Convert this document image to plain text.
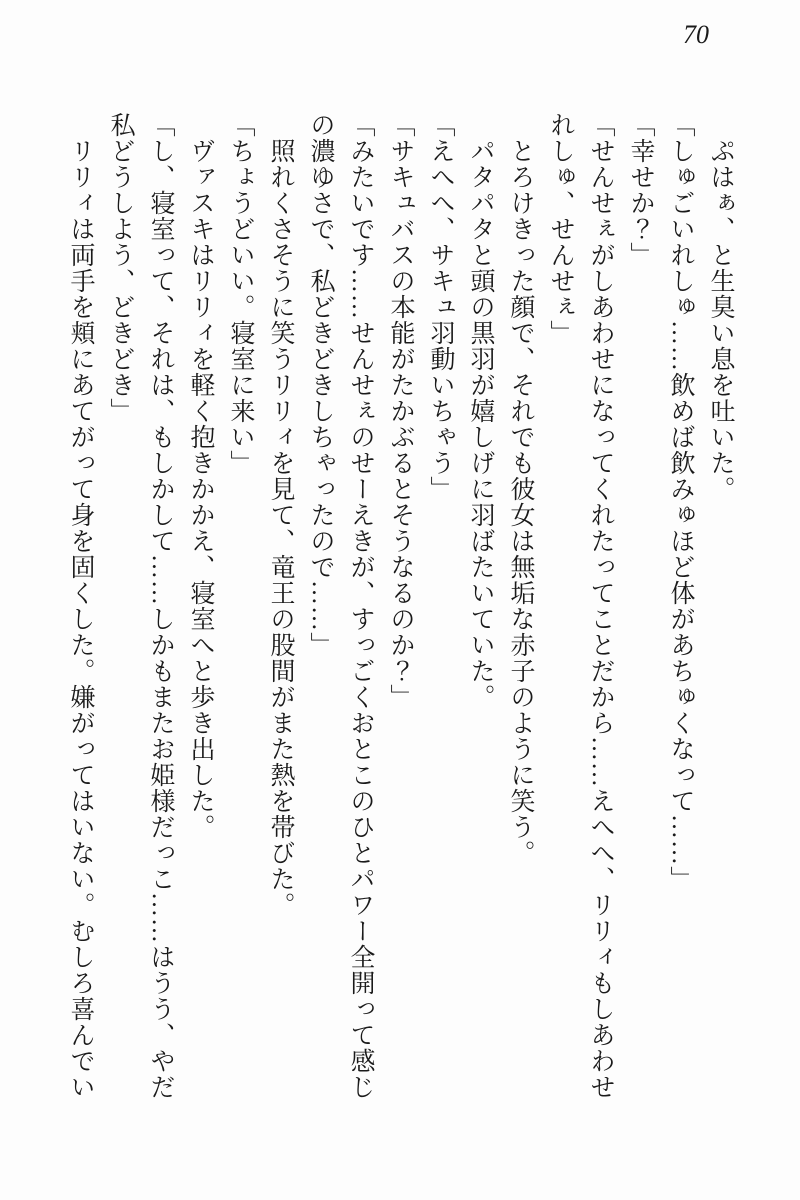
70

　ぷはぁ、と生臭い息を吐いた。

「しゅごいれしゅ……飲めば飲みゅほど体があちゅくなって……」

「幸せか？」

「せんせぇがしあわせになってくれたってことだから……えへへ、リリィもしあわせ

れしゅ、せんせぇ」

　とろけきった顔で、それでも彼女は無垢な赤子のように笑う。

　パタパタと頭の黒羽が嬉しげに羽ばたいていた。

「えへへ、サキュ羽動いちゃう」

「サキュバスの本能がたかぶるとそうなるのか？」

「みたいです……せんせぇのせーえきが、すっごくおとこのひとパワー全開って感じ

の濃ゆさで、私どきどきしちゃったので……」

　照れくさそうに笑うリリィを見て、竜王の股間がまた熱を帯びた。

「ちょうどいい。寝室に来い」

　ヴァスキはリリィを軽く抱きかかえ、寝室へと歩き出した。

「し、寝室って、それは、もしかして……しかもまたお姫様だっこ……はうう、やだ

私どうしよう、どきどき」

　リリィは両手を頬にあてがって身を固くした。嫌がってはいない。むしろ喜んでい
